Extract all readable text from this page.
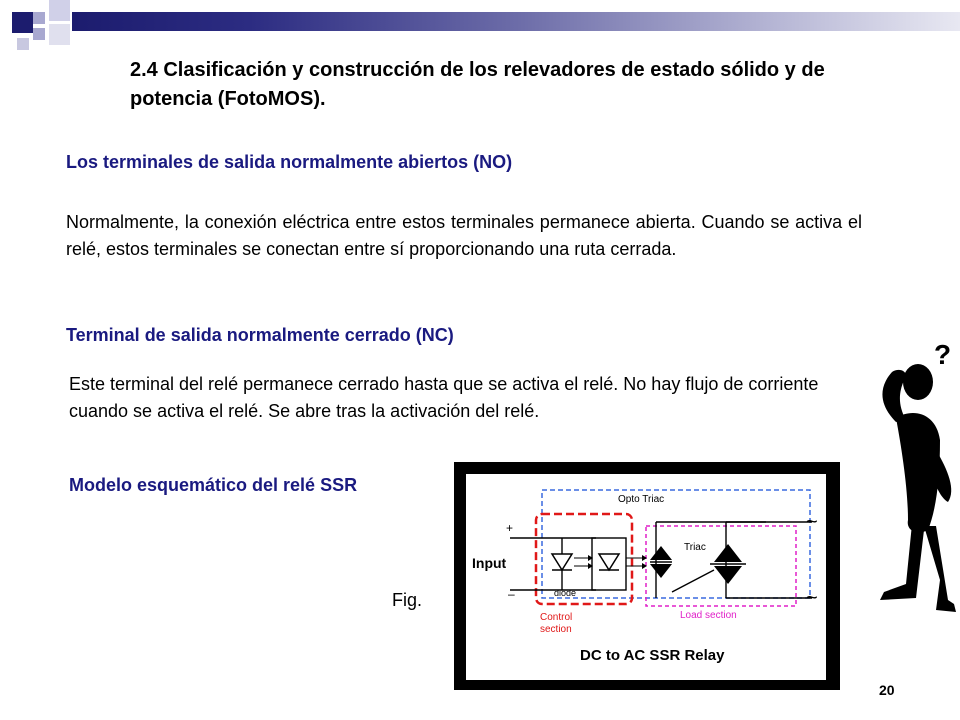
2.4 Clasificación y construcción de los relevadores de estado sólido y de potencia (FotoMOS).
Los terminales de salida normalmente abiertos (NO)
Normalmente, la conexión eléctrica entre estos terminales permanece abierta. Cuando se activa el relé, estos terminales se conectan entre sí proporcionando una ruta cerrada.
Terminal de salida normalmente cerrado (NC)
Este terminal del relé permanece cerrado hasta que se activa el relé. No hay flujo de corriente cuando se activa el relé. Se abre tras la activación del relé.
Modelo esquemático del relé SSR
Opto Triac
+
–
Input
diode
Triac
~
~
Control
section
Load section
DC to AC SSR Relay
Fig.
?
20
